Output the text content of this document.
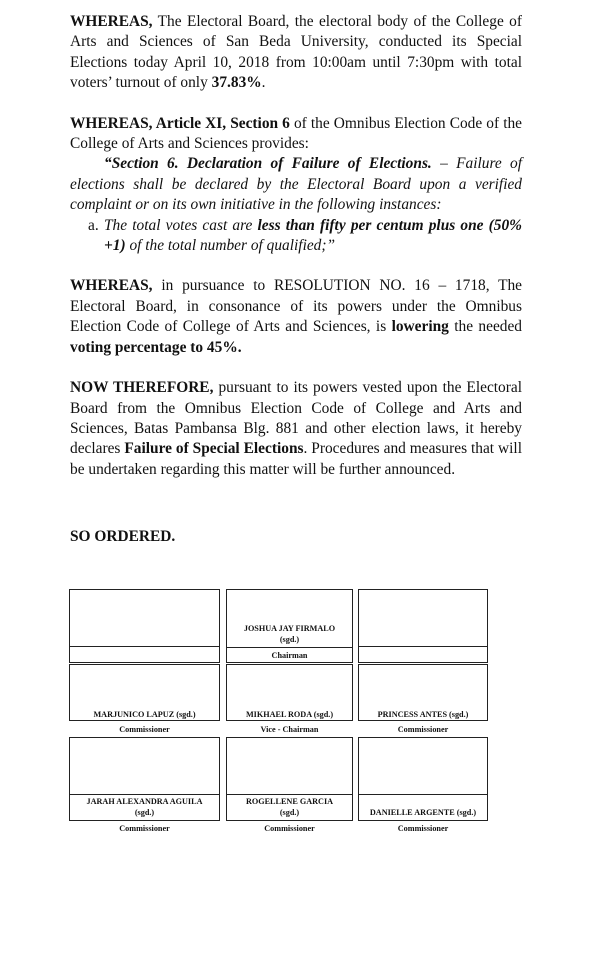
WHEREAS, The Electoral Board, the electoral body of the College of Arts and Sciences of San Beda University, conducted its Special Elections today April 10, 2018 from 10:00am until 7:30pm with total voters’ turnout of only 37.83%.

WHEREAS, Article XI, Section 6 of the Omnibus Election Code of the College of Arts and Sciences provides:
“Section 6. Declaration of Failure of Elections. – Failure of elections shall be declared by the Electoral Board upon a verified complaint or on its own initiative in the following instances:
a. The total votes cast are less than fifty per centum plus one (50% +1) of the total number of qualified;”

WHEREAS, in pursuance to RESOLUTION NO. 16 – 1718, The Electoral Board, in consonance of its powers under the Omnibus Election Code of College of Arts and Sciences, is lowering the needed voting percentage to 45%.

NOW THEREFORE, pursuant to its powers vested upon the Electoral Board from the Omnibus Election Code of College and Arts and Sciences, Batas Pambansa Blg. 881 and other election laws, it hereby declares Failure of Special Elections. Procedures and measures that will be undertaken regarding this matter will be further announced.

SO ORDERED.

JOSHUA JAY FIRMALO
(sgd.)
Chairman
MARJUNICO LAPUZ (sgd.)
Commissioner
MIKHAEL RODA (sgd.)
Vice - Chairman
PRINCESS ANTES (sgd.)
Commissioner
JARAH ALEXANDRA AGUILA
(sgd.)
Commissioner
ROGELLENE GARCIA
(sgd.)
Commissioner
DANIELLE ARGENTE (sgd.)
Commissioner
